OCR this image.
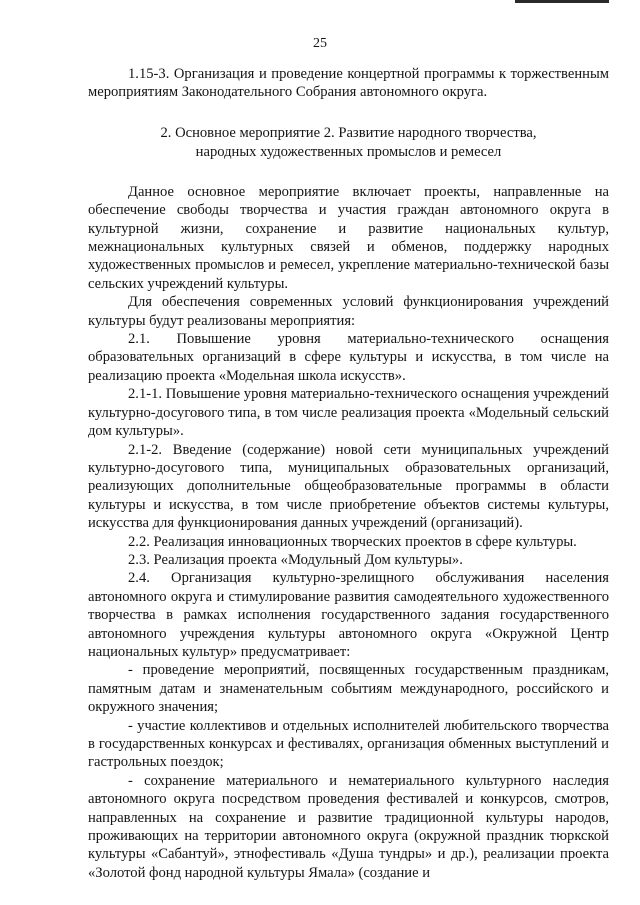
25

1.15-3. Организация и проведение концертной программы к торжественным мероприятиям Законодательного Собрания автономного округа.

2. Основное мероприятие 2. Развитие народного творчества,
народных художественных промыслов и ремесел

Данное основное мероприятие включает проекты, направленные на обеспечение свободы творчества и участия граждан автономного округа в культурной жизни, сохранение и развитие национальных культур, межнациональных культурных связей и обменов, поддержку народных художественных промыслов и ремесел, укрепление материально-технической базы сельских учреждений культуры.

Для обеспечения современных условий функционирования учреждений культуры будут реализованы мероприятия:

2.1. Повышение уровня материально-технического оснащения образовательных организаций в сфере культуры и искусства, в том числе на реализацию проекта «Модельная школа искусств».

2.1-1. Повышение уровня материально-технического оснащения учреждений культурно-досугового типа, в том числе реализация проекта «Модельный сельский дом культуры».

2.1-2. Введение (содержание) новой сети муниципальных учреждений культурно-досугового типа, муниципальных образовательных организаций, реализующих дополнительные общеобразовательные программы в области культуры и искусства, в том числе приобретение объектов системы культуры, искусства для функционирования данных учреждений (организаций).

2.2. Реализация инновационных творческих проектов в сфере культуры.

2.3. Реализация проекта «Модульный Дом культуры».

2.4. Организация культурно-зрелищного обслуживания населения автономного округа и стимулирование развития самодеятельного художественного творчества в рамках исполнения государственного задания государственного автономного учреждения культуры автономного округа «Окружной Центр национальных культур» предусматривает:

- проведение мероприятий, посвященных государственным праздникам, памятным датам и знаменательным событиям международного, российского и окружного значения;

- участие коллективов и отдельных исполнителей любительского творчества в государственных конкурсах и фестивалях, организация обменных выступлений и гастрольных поездок;

- сохранение материального и нематериального культурного наследия автономного округа посредством проведения фестивалей и конкурсов, смотров, направленных на сохранение и развитие традиционной культуры народов, проживающих на территории автономного округа (окружной праздник тюркской культуры «Сабантуй», этнофестиваль «Душа тундры» и др.), реализации проекта «Золотой фонд народной культуры Ямала» (создание и
